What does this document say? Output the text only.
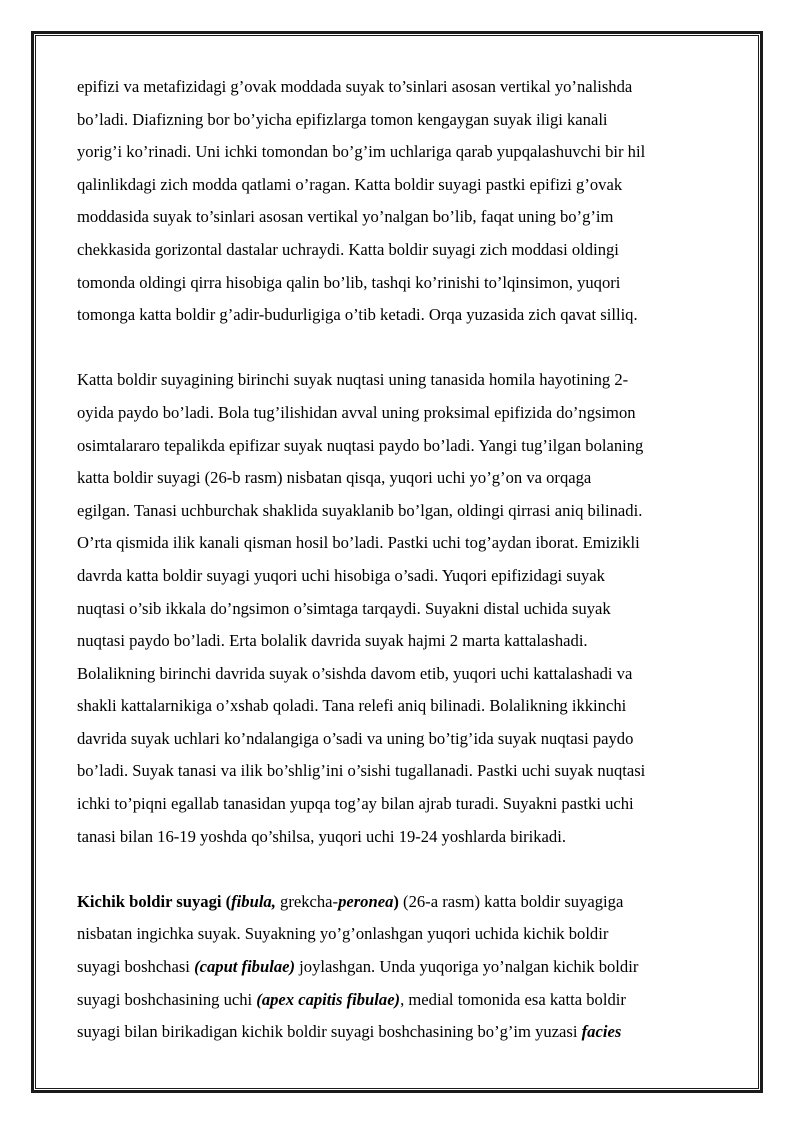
epifizi va metafizidagi g’ovak moddada suyak to’sinlari asosan vertikal yo’nalishda
bo’ladi. Diafizning bor bo’yicha epifizlarga tomon kengaygan suyak iligi kanali
yorig’i ko’rinadi. Uni ichki tomondan bo’g’im uchlariga qarab yupqalashuvchi bir hil
qalinlikdagi zich modda qatlami o’ragan. Katta boldir suyagi pastki epifizi g’ovak
moddasida suyak to’sinlari asosan vertikal yo’nalgan bo’lib, faqat uning bo’g’im
chekkasida gorizontal dastalar uchraydi. Katta boldir suyagi zich moddasi oldingi
tomonda oldingi qirra hisobiga qalin bo’lib, tashqi ko’rinishi to’lqinsimon, yuqori
tomonga katta boldir g’adir-budurligiga o’tib ketadi. Orqa yuzasida zich qavat silliq.

Katta boldir suyagining birinchi suyak nuqtasi uning tanasida homila hayotining 2-
oyida paydo bo’ladi. Bola tug’ilishidan avval uning proksimal epifizida do’ngsimon
osimtalararo tepalikda epifizar suyak nuqtasi paydo bo’ladi. Yangi tug’ilgan bolaning
katta boldir suyagi (26-b rasm) nisbatan qisqa, yuqori uchi yo’g’on va orqaga
egilgan. Tanasi uchburchak shaklida suyaklanib bo’lgan, oldingi qirrasi aniq bilinadi.
O’rta qismida ilik kanali qisman hosil bo’ladi. Pastki uchi tog’aydan iborat. Emizikli
davrda katta boldir suyagi yuqori uchi hisobiga o’sadi. Yuqori epifizidagi suyak
nuqtasi o’sib ikkala do’ngsimon o’simtaga tarqaydi. Suyakni distal uchida suyak
nuqtasi paydo bo’ladi. Erta bolalik davrida suyak hajmi 2 marta kattalashadi.
Bolalikning birinchi davrida suyak o’sishda davom etib, yuqori uchi kattalashadi va
shakli kattalarnikiga o’xshab qoladi. Tana relefi aniq bilinadi. Bolalikning ikkinchi
davrida suyak uchlari ko’ndalangiga o’sadi va uning bo’tig’ida suyak nuqtasi paydo
bo’ladi. Suyak tanasi va ilik bo’shlig’ini o’sishi tugallanadi. Pastki uchi suyak nuqtasi
ichki to’piqni egallab tanasidan yupqa tog’ay bilan ajrab turadi. Suyakni pastki uchi
tanasi bilan 16-19 yoshda qo’shilsa, yuqori uchi 19-24 yoshlarda birikadi.

Kichik boldir suyagi (fibula, grekcha-peronea) (26-a rasm) katta boldir suyagiga
nisbatan ingichka suyak. Suyakning yo’g’onlashgan yuqori uchida kichik boldir
suyagi boshchasi (caput fibulae) joylashgan. Unda yuqoriga yo’nalgan kichik boldir
suyagi boshchasining uchi (apex capitis fibulae), medial tomonida esa katta boldir
suyagi bilan birikadigan kichik boldir suyagi boshchasining bo’g’im yuzasi facies
